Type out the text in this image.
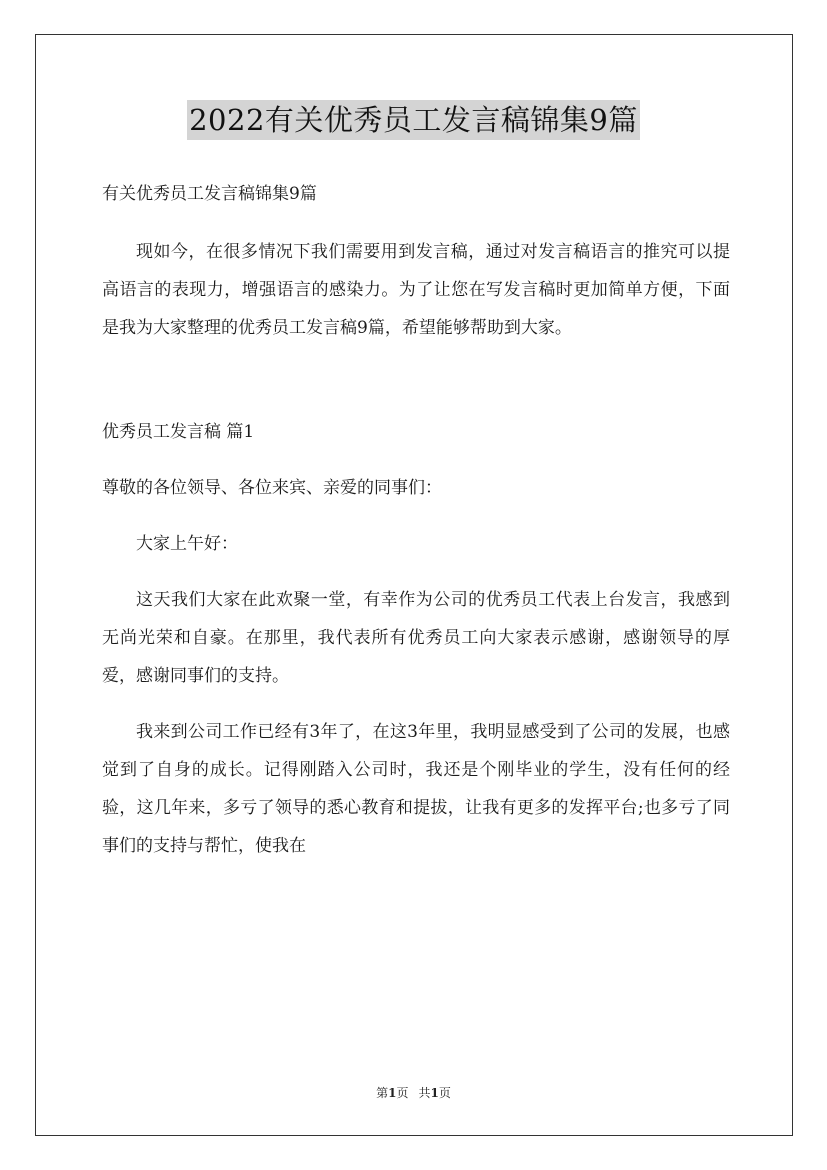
2022有关优秀员工发言稿锦集9篇

有关优秀员工发言稿锦集9篇

现如今，在很多情况下我们需要用到发言稿，通过对发言稿语言的推究可以提高语言的表现力，增强语言的感染力。为了让您在写发言稿时更加简单方便，下面是我为大家整理的优秀员工发言稿9篇，希望能够帮助到大家。

优秀员工发言稿 篇1

尊敬的各位领导、各位来宾、亲爱的同事们：

大家上午好：

这天我们大家在此欢聚一堂，有幸作为公司的优秀员工代表上台发言，我感到无尚光荣和自豪。在那里，我代表所有优秀员工向大家表示感谢，感谢领导的厚爱，感谢同事们的支持。

我来到公司工作已经有3年了，在这3年里，我明显感受到了公司的发展，也感觉到了自身的成长。记得刚踏入公司时，我还是个刚毕业的学生，没有任何的经验，这几年来，多亏了领导的悉心教育和提拔，让我有更多的发挥平台;也多亏了同事们的支持与帮忙，使我在

第1页 共1页
